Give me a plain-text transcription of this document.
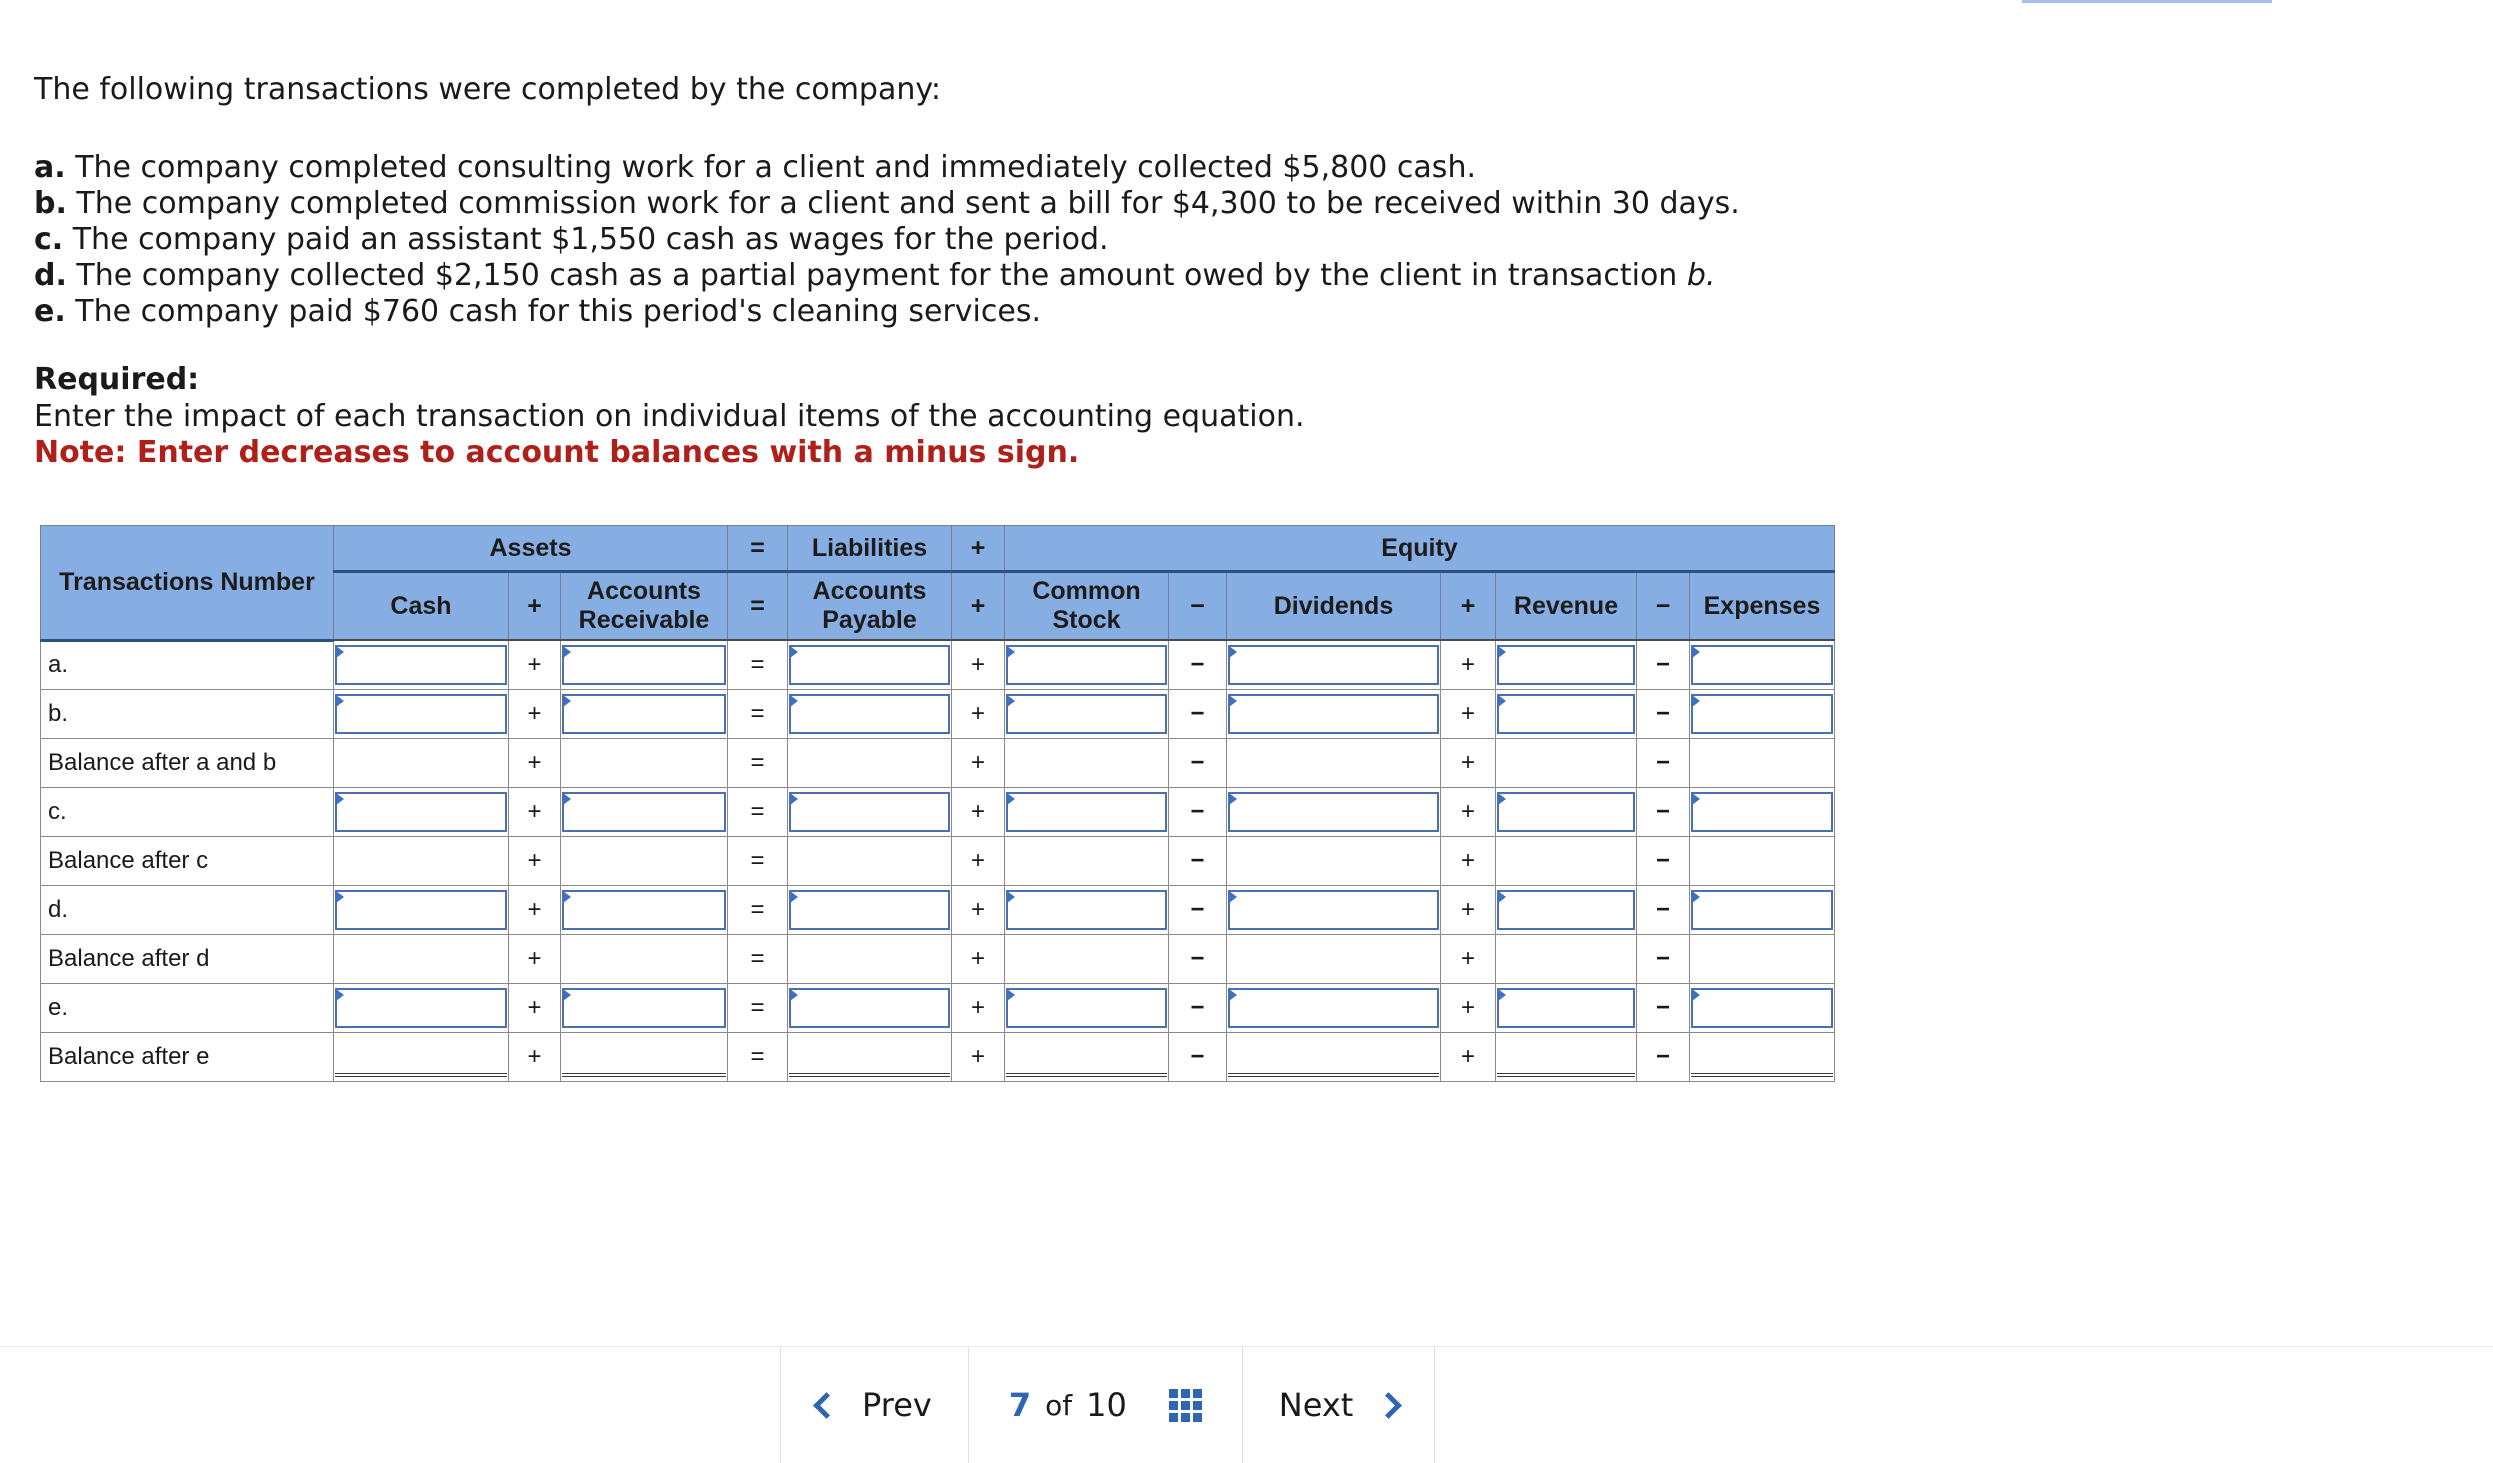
The following transactions were completed by the company:

a. The company completed consulting work for a client and immediately collected $5,800 cash.
b. The company completed commission work for a client and sent a bill for $4,300 to be received within 30 days.
c. The company paid an assistant $1,550 cash as wages for the period.
d. The company collected $2,150 cash as a partial payment for the amount owed by the client in transaction b.
e. The company paid $760 cash for this period's cleaning services.

Required:

Enter the impact of each transaction on individual items of the accounting equation.

Note: Enter decreases to account balances with a minus sign.

Transactions Number	Assets			=	Liabilities	+	Equity						
	Cash	+	Accounts Receivable	=	Accounts Payable	+	Common Stock	−	Dividends	+	Revenue	−	Expenses
a.		+		=		+		−		+		−	

b.		+		=		+		−		+		−	

Balance after a and b		+		=		+		−		+		−	

c.		+		=		+		−		+		−	

Balance after c		+		=		+		−		+		−	

d.		+		=		+		−		+		−	

Balance after d		+		=		+		−		+		−	

e.		+		=		+		−		+		−	

Balance after e		+		=		+		−		+		−	
Prev 7 of 10	Next
